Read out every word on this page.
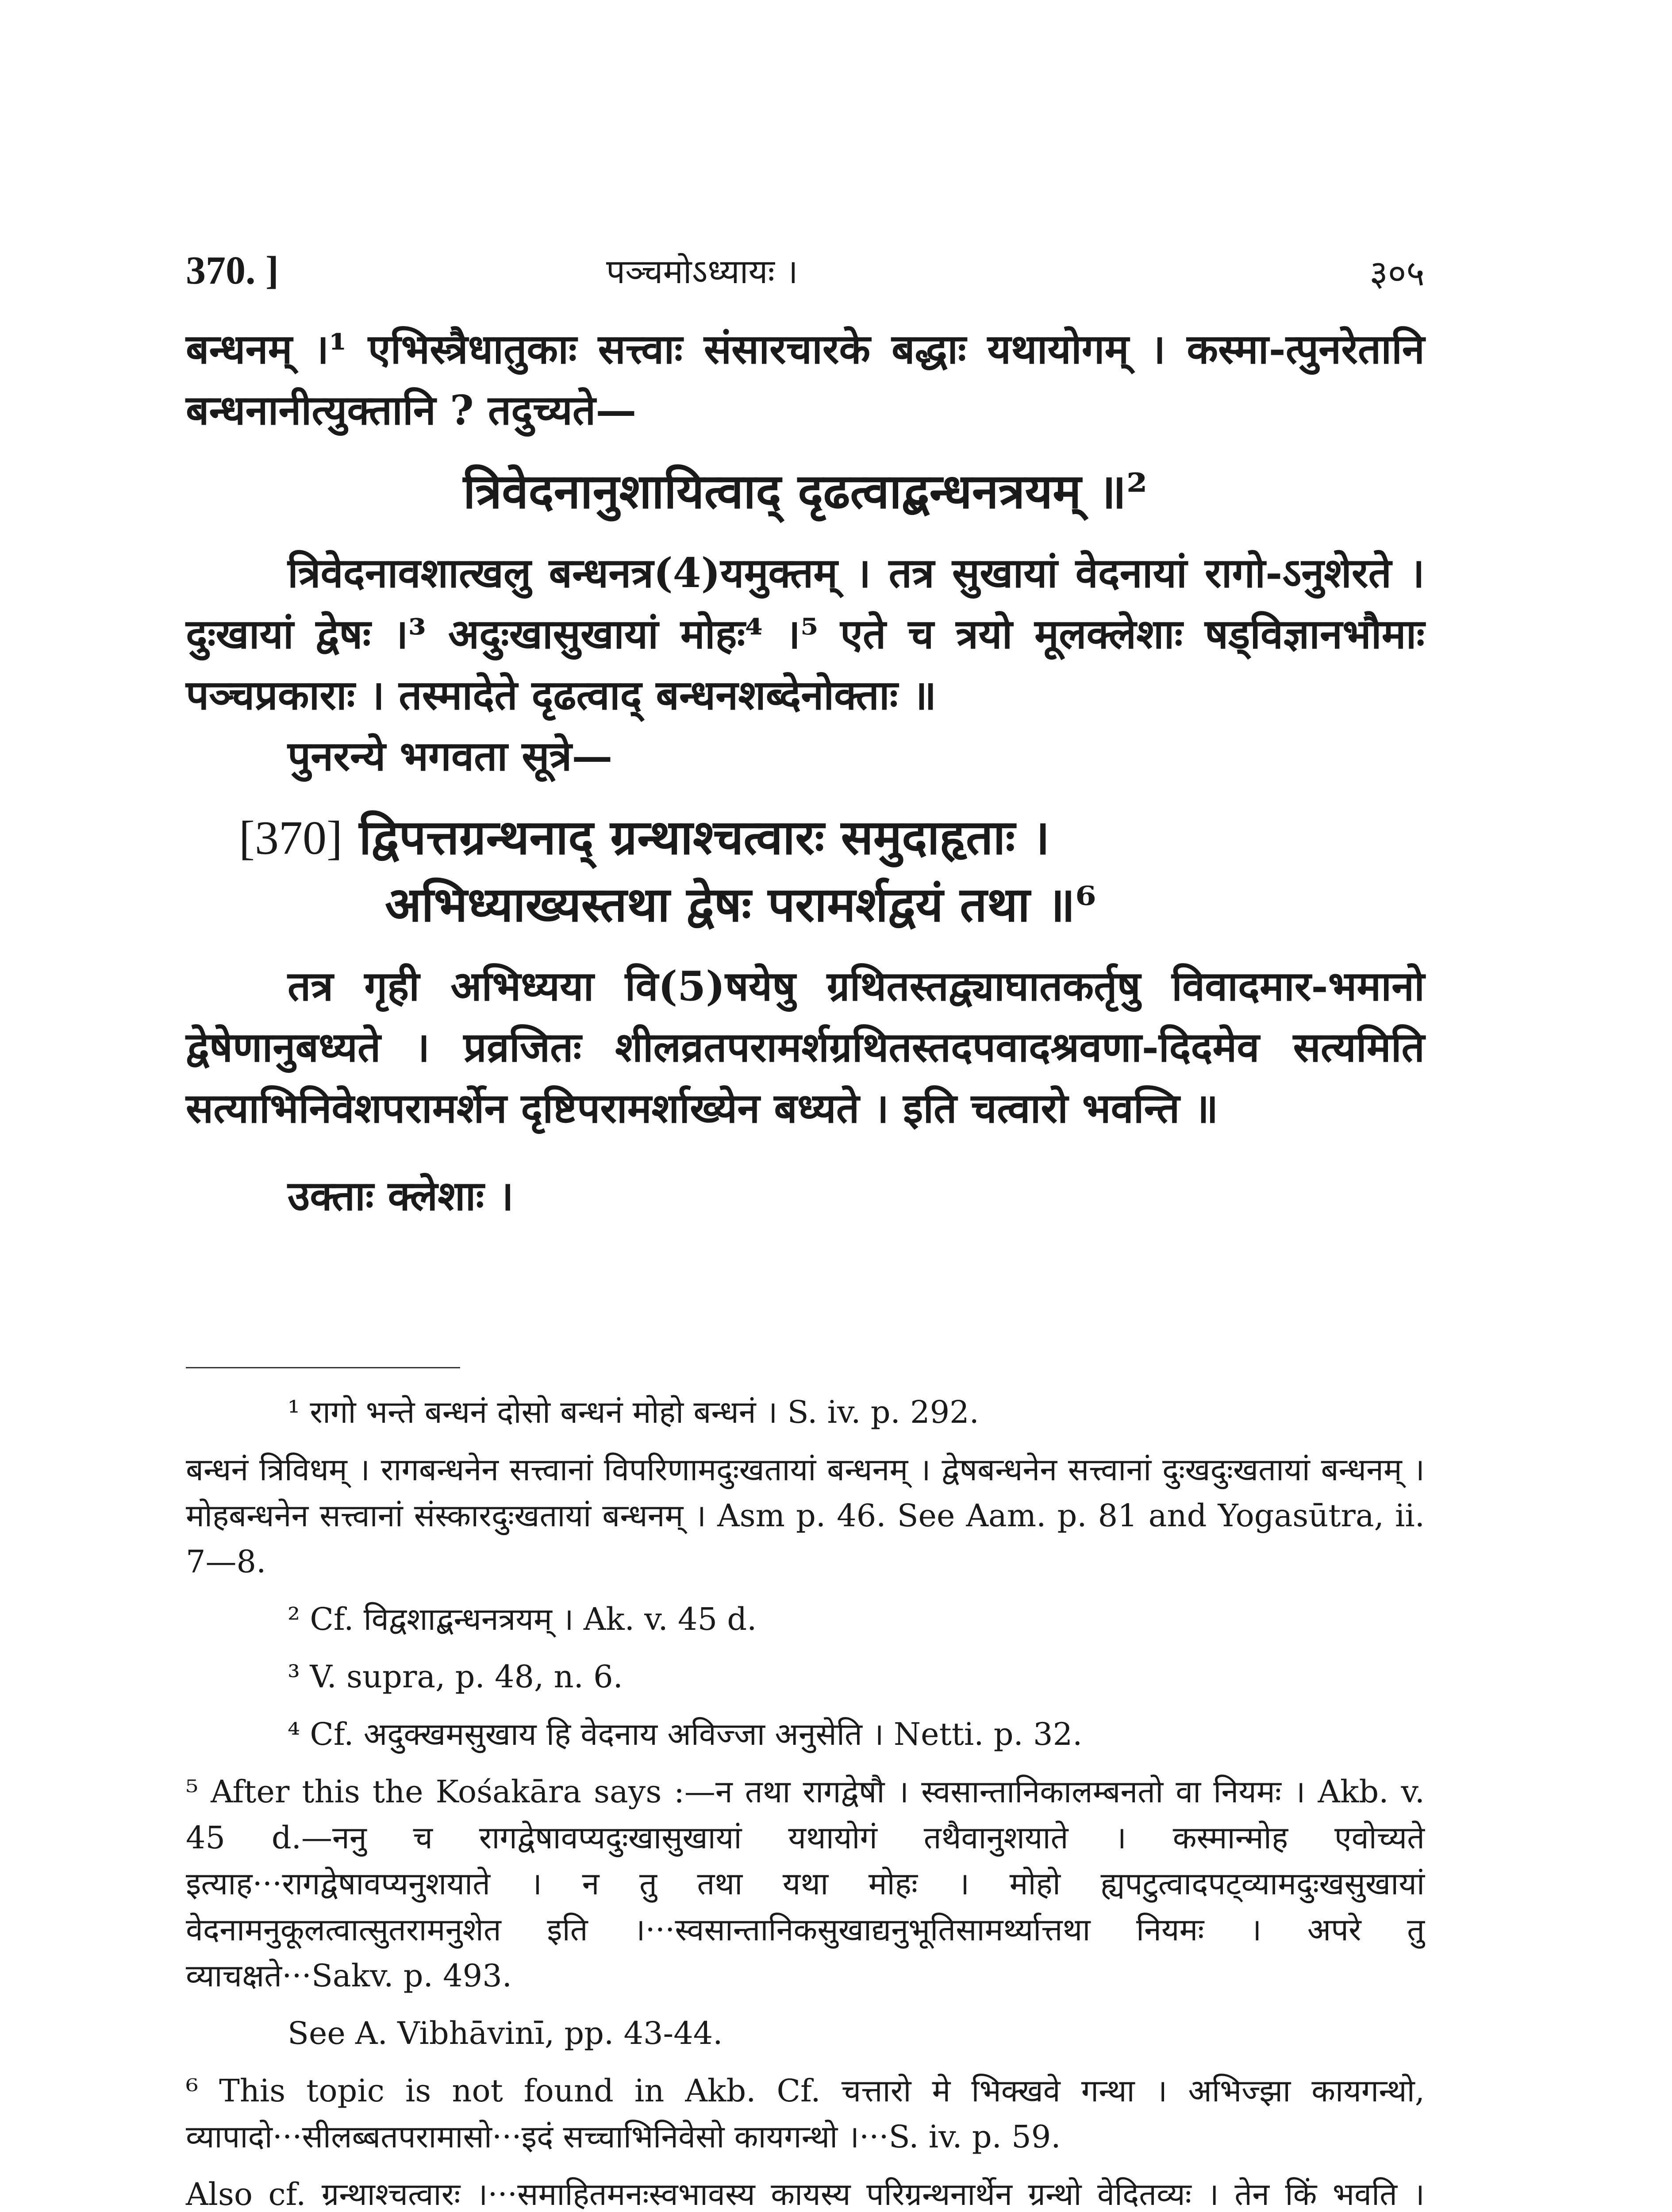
370. ]	पञ्चमोऽध्यायः ।	३०५

बन्धनम् ।¹ एभिस्त्रैधातुकाः सत्त्वाः संसारचारके बद्धाः यथायोगम् । कस्मा-त्पुनरेतानि बन्धनानीत्युक्तानि ? तदुच्यते—

त्रिवेदनानुशायित्वाद् दृढत्वाद्बन्धनत्रयम् ॥²

त्रिवेदनावशात्खलु बन्धनत्र(4)यमुक्तम् । तत्र सुखायां वेदनायां रागो-ऽनुशेरते । दुःखायां द्वेषः ।³ अदुःखासुखायां मोहः⁴ ।⁵ एते च त्रयो मूलक्लेशाः षड्विज्ञानभौमाः पञ्चप्रकाराः । तस्मादेते दृढत्वाद् बन्धनशब्देनोक्ताः ॥

पुनरन्ये भगवता सूत्रे—

[370] द्विपत्तग्रन्थनाद् ग्रन्थाश्चत्वारः समुदाहृताः ।
अभिध्याख्यस्तथा द्वेषः परामर्शद्वयं तथा ॥⁶

तत्र गृही अभिध्यया वि(5)षयेषु ग्रथितस्तद्व्याघातकर्तृषु विवादमार-भमानो द्वेषेणानुबध्यते । प्रव्रजितः शीलव्रतपरामर्शग्रथितस्तदपवादश्रवणा-दिदमेव सत्यमिति सत्याभिनिवेशपरामर्शेन दृष्टिपरामर्शाख्येन बध्यते । इति चत्वारो भवन्ति ॥

उक्ताः क्लेशाः ।

¹ रागो भन्ते बन्धनं दोसो बन्धनं मोहो बन्धनं । S. iv. p. 292.

बन्धनं त्रिविधम् । रागबन्धनेन सत्त्वानां विपरिणामदुःखतायां बन्धनम् । द्वेषबन्धनेन सत्त्वानां दुःखदुःखतायां बन्धनम् । मोहबन्धनेन सत्त्वानां संस्कारदुःखतायां बन्धनम् । Asm p. 46. See Aam. p. 81 and Yogasūtra, ii. 7—8.

² Cf. विद्वशाद्बन्धनत्रयम् । Ak. v. 45 d.

³ V. supra, p. 48, n. 6.

⁴ Cf. अदुक्खमसुखाय हि वेदनाय अविज्जा अनुसेति । Netti. p. 32.

⁵ After this the Kośakāra says :—न तथा रागद्वेषौ । स्वसान्तानिकालम्बनतो वा नियमः । Akb. v. 45 d.—ननु च रागद्वेषावप्यदुःखासुखायां यथायोगं तथैवानुशयाते । कस्मान्मोह एवोच्यते इत्याह···रागद्वेषावप्यनुशयाते । न तु तथा यथा मोहः । मोहो ह्यपटुत्वादपट्व्यामदुःखसुखायां वेदनामनुकूलत्वात्सुतरामनुशेत इति ।···स्वसान्तानिकसुखाद्यनुभूतिसामर्थ्यात्तथा नियमः । अपरे तु व्याचक्षते···Sakv. p. 493.

See A. Vibhāvinī, pp. 43-44.

⁶ This topic is not found in Akb. Cf. चत्तारो मे भिक्खवे गन्था । अभिज्झा कायगन्थो, व्यापादो···सीलब्बतपरामासो···इदं सच्चाभिनिवेसो कायगन्थो ।···S. iv. p. 59.

Also cf. ग्रन्थाश्चत्वारः ।···समाहितमनःस्वभावस्य कायस्य परिग्रन्थनार्थेन ग्रन्थो वेदितव्यः । तेन किं भवति ।
